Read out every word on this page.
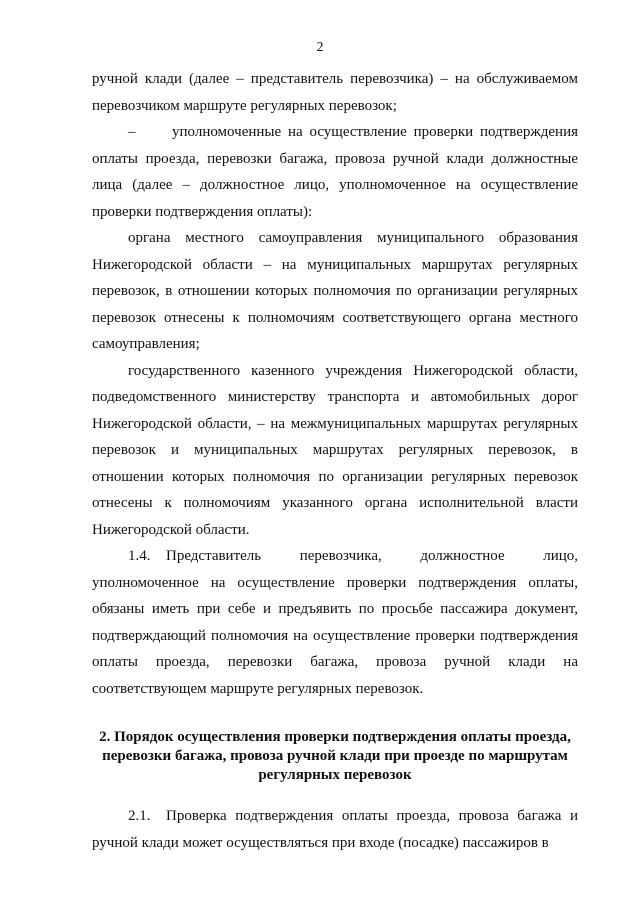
2

ручной клади (далее – представитель перевозчика) – на обслуживаемом перевозчиком маршруте регулярных перевозок;

– уполномоченные на осуществление проверки подтверждения оплаты проезда, перевозки багажа, провоза ручной клади должностные лица (далее – должностное лицо, уполномоченное на осуществление проверки подтверждения оплаты):

органа местного самоуправления муниципального образования Нижегородской области – на муниципальных маршрутах регулярных перевозок, в отношении которых полномочия по организации регулярных перевозок отнесены к полномочиям соответствующего органа местного самоуправления;

государственного казенного учреждения Нижегородской области, подведомственного министерству транспорта и автомобильных дорог Нижегородской области, – на межмуниципальных маршрутах регулярных перевозок и муниципальных маршрутах регулярных перевозок, в отношении которых полномочия по организации регулярных перевозок отнесены к полномочиям указанного органа исполнительной власти Нижегородской области.

1.4. Представитель перевозчика, должностное лицо, уполномоченное на осуществление проверки подтверждения оплаты, обязаны иметь при себе и предъявить по просьбе пассажира документ, подтверждающий полномочия на осуществление проверки подтверждения оплаты проезда, перевозки багажа, провоза ручной клади на соответствующем маршруте регулярных перевозок.

2. Порядок осуществления проверки подтверждения оплаты проезда,
перевозки багажа, провоза ручной клади при проезде по маршрутам
регулярных перевозок

2.1. Проверка подтверждения оплаты проезда, провоза багажа и ручной клади может осуществляться при входе (посадке) пассажиров в
